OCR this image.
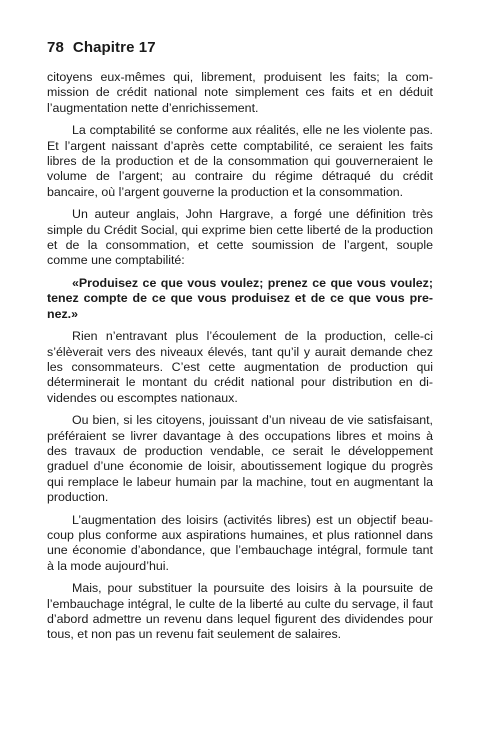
78 Chapitre 17

citoyens eux-mêmes qui, librement, produisent les faits; la commission de crédit national note simplement ces faits et en déduit l’augmentation nette d’enrichissement.

La comptabilité se conforme aux réalités, elle ne les violente pas. Et l’argent naissant d’après cette comptabilité, ce seraient les faits libres de la production et de la consommation qui gouverneraient le volume de l’argent; au contraire du régime détraqué du crédit bancaire, où l’argent gouverne la production et la consommation.

Un auteur anglais, John Hargrave, a forgé une définition très simple du Crédit Social, qui exprime bien cette liberté de la production et de la consommation, et cette soumission de l’argent, souple comme une comptabilité:

«Produisez ce que vous voulez; prenez ce que vous voulez; tenez compte de ce que vous produisez et de ce que vous prenez.»

Rien n’entravant plus l’écoulement de la production, celle-ci s’élèverait vers des niveaux élevés, tant qu’il y aurait demande chez les consommateurs. C’est cette augmentation de production qui déterminerait le montant du crédit national pour distribution en dividendes ou escomptes nationaux.

Ou bien, si les citoyens, jouissant d’un niveau de vie satisfaisant, préféraient se livrer davantage à des occupations libres et moins à des travaux de production vendable, ce serait le développement graduel d’une économie de loisir, aboutissement logique du progrès qui remplace le labeur humain par la machine, tout en augmentant la production.

L’augmentation des loisirs (activités libres) est un objectif beaucoup plus conforme aux aspirations humaines, et plus rationnel dans une économie d’abondance, que l’embauchage intégral, formule tant à la mode aujourd’hui.

Mais, pour substituer la poursuite des loisirs à la poursuite de l’embauchage intégral, le culte de la liberté au culte du servage, il faut d’abord admettre un revenu dans lequel figurent des dividendes pour tous, et non pas un revenu fait seulement de salaires.
